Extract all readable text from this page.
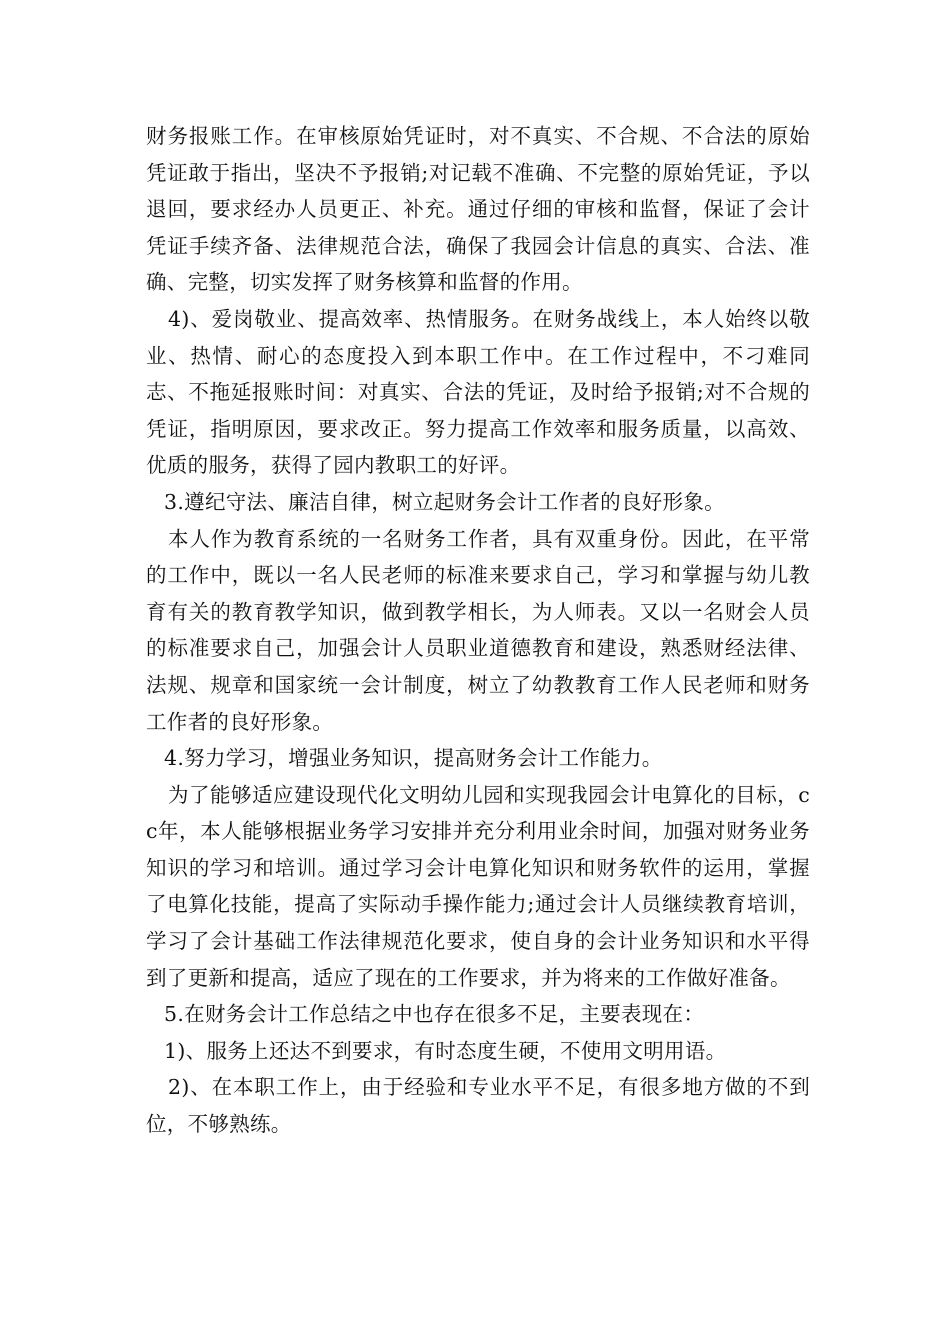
财务报账工作。在审核原始凭证时，对不真实、不合规、不合法的原始凭证敢于指出，坚决不予报销;对记载不准确、不完整的原始凭证，予以退回，要求经办人员更正、补充。通过仔细的审核和监督，保证了会计凭证手续齐备、法律规范合法，确保了我园会计信息的真实、合法、准确、完整，切实发挥了财务核算和监督的作用。

4)、爱岗敬业、提高效率、热情服务。在财务战线上，本人始终以敬业、热情、耐心的态度投入到本职工作中。在工作过程中，不刁难同志、不拖延报账时间：对真实、合法的凭证，及时给予报销;对不合规的凭证，指明原因，要求改正。努力提高工作效率和服务质量，以高效、优质的服务，获得了园内教职工的好评。

3.遵纪守法、廉洁自律，树立起财务会计工作者的良好形象。

本人作为教育系统的一名财务工作者，具有双重身份。因此，在平常的工作中，既以一名人民老师的标准来要求自己，学习和掌握与幼儿教育有关的教育教学知识，做到教学相长，为人师表。又以一名财会人员的标准要求自己，加强会计人员职业道德教育和建设，熟悉财经法律、法规、规章和国家统一会计制度，树立了幼教教育工作人民老师和财务工作者的良好形象。

4.努力学习，增强业务知识，提高财务会计工作能力。

为了能够适应建设现代化文明幼儿园和实现我园会计电算化的目标，cc年，本人能够根据业务学习安排并充分利用业余时间，加强对财务业务知识的学习和培训。通过学习会计电算化知识和财务软件的运用，掌握了电算化技能，提高了实际动手操作能力;通过会计人员继续教育培训，学习了会计基础工作法律规范化要求，使自身的会计业务知识和水平得到了更新和提高，适应了现在的工作要求，并为将来的工作做好准备。

5.在财务会计工作总结之中也存在很多不足，主要表现在：

1)、服务上还达不到要求，有时态度生硬，不使用文明用语。

2)、在本职工作上，由于经验和专业水平不足，有很多地方做的不到位，不够熟练。
